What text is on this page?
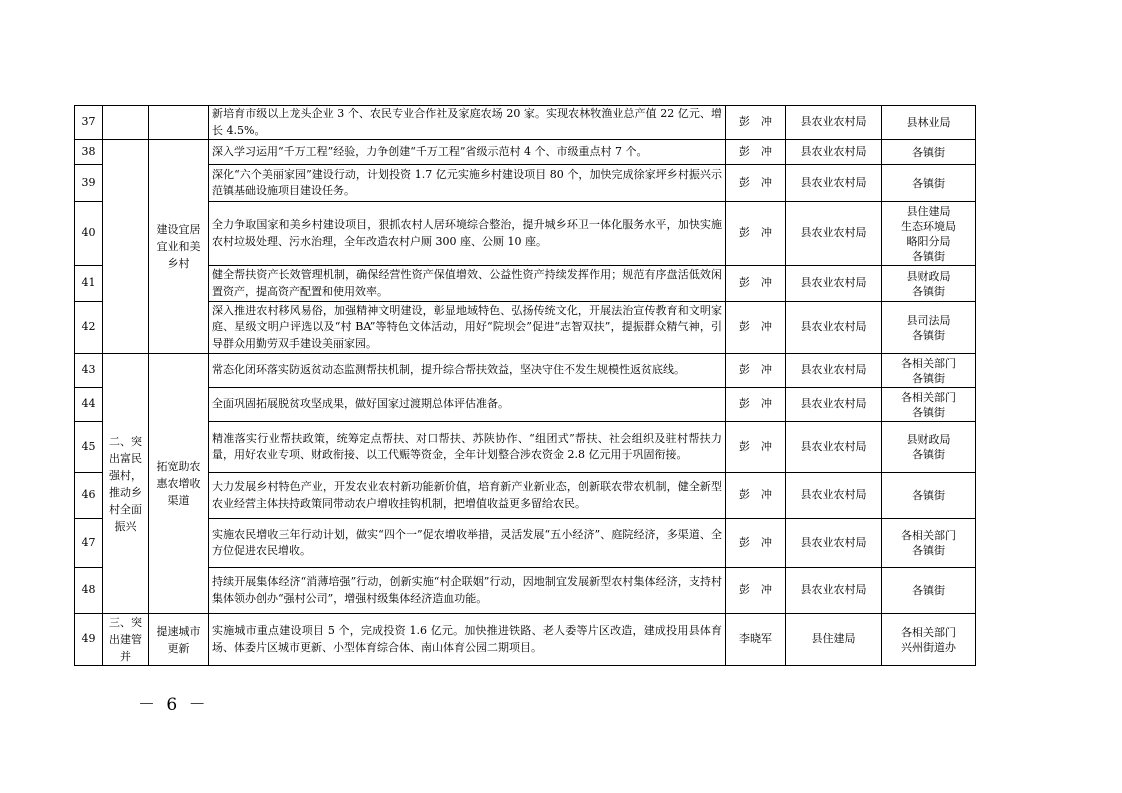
37			新培育市级以上龙头企业 3 个、农民专业合作社及家庭农场 20 家。实现农林牧渔业总产值 22 亿元、增长 4.5%。	彭　冲	县农业农村局	县林业局

38		建设宜居宜业和美乡村	深入学习运用“千万工程”经验，力争创建“千万工程”省级示范村 4 个、市级重点村 7 个。	彭　冲	县农业农村局	各镇街

39			深化“六个美丽家园”建设行动，计划投资 1.7 亿元实施乡村建设项目 80 个，加快完成徐家坪乡村振兴示范镇基础设施项目建设任务。	彭　冲	县农业农村局	各镇街

40			全力争取国家和美乡村建设项目，狠抓农村人居环境综合整治，提升城乡环卫一体化服务水平，加快实施农村垃圾处理、污水治理，全年改造农村户厕 300 座、公厕 10 座。	彭　冲	县农业农村局	县住建局
生态环境局
略阳分局
各镇街

41			健全帮扶资产长效管理机制，确保经营性资产保值增效、公益性资产持续发挥作用；规范有序盘活低效闲置资产，提高资产配置和使用效率。	彭　冲	县农业农村局	县财政局
各镇街

42			深入推进农村移风易俗，加强精神文明建设，彰显地域特色、弘扬传统文化，开展法治宣传教育和文明家庭、星级文明户评选以及“村 BA”等特色文体活动，用好“院坝会”促进“志智双扶”，提振群众精气神，引导群众用勤劳双手建设美丽家园。	彭　冲	县农业农村局	县司法局
各镇街

43	二、突出富民强村，推动乡村全面振兴	拓宽助农惠农增收渠道	常态化闭环落实防返贫动态监测帮扶机制，提升综合帮扶效益，坚决守住不发生规模性返贫底线。	彭　冲	县农业农村局	各相关部门
各镇街

44			全面巩固拓展脱贫攻坚成果，做好国家过渡期总体评估准备。	彭　冲	县农业农村局	各相关部门
各镇街

45			精准落实行业帮扶政策，统筹定点帮扶、对口帮扶、苏陕协作、“组团式”帮扶、社会组织及驻村帮扶力量，用好农业专项、财政衔接、以工代赈等资金，全年计划整合涉农资金 2.8 亿元用于巩固衔接。	彭　冲	县农业农村局	县财政局
各镇街

46			大力发展乡村特色产业，开发农业农村新功能新价值，培育新产业新业态，创新联农带农机制，健全新型农业经营主体扶持政策同带动农户增收挂钩机制，把增值收益更多留给农民。	彭　冲	县农业农村局	各镇街

47			实施农民增收三年行动计划，做实“四个一”促农增收举措，灵活发展“五小经济”、庭院经济，多渠道、全方位促进农民增收。	彭　冲	县农业农村局	各相关部门
各镇街

48			持续开展集体经济“消薄培强”行动，创新实施“村企联姻”行动，因地制宜发展新型农村集体经济，支持村集体领办创办“强村公司”，增强村级集体经济造血功能。	彭　冲	县农业农村局	各镇街

49	三、突出建管并	提速城市更新	实施城市重点建设项目 5 个，完成投资 1.6 亿元。加快推进铁路、老人委等片区改造，建成投用县体育场、体委片区城市更新、小型体育综合体、南山体育公园二期项目。	李晓军	县住建局	各相关部门
兴州街道办
－ 6 －
